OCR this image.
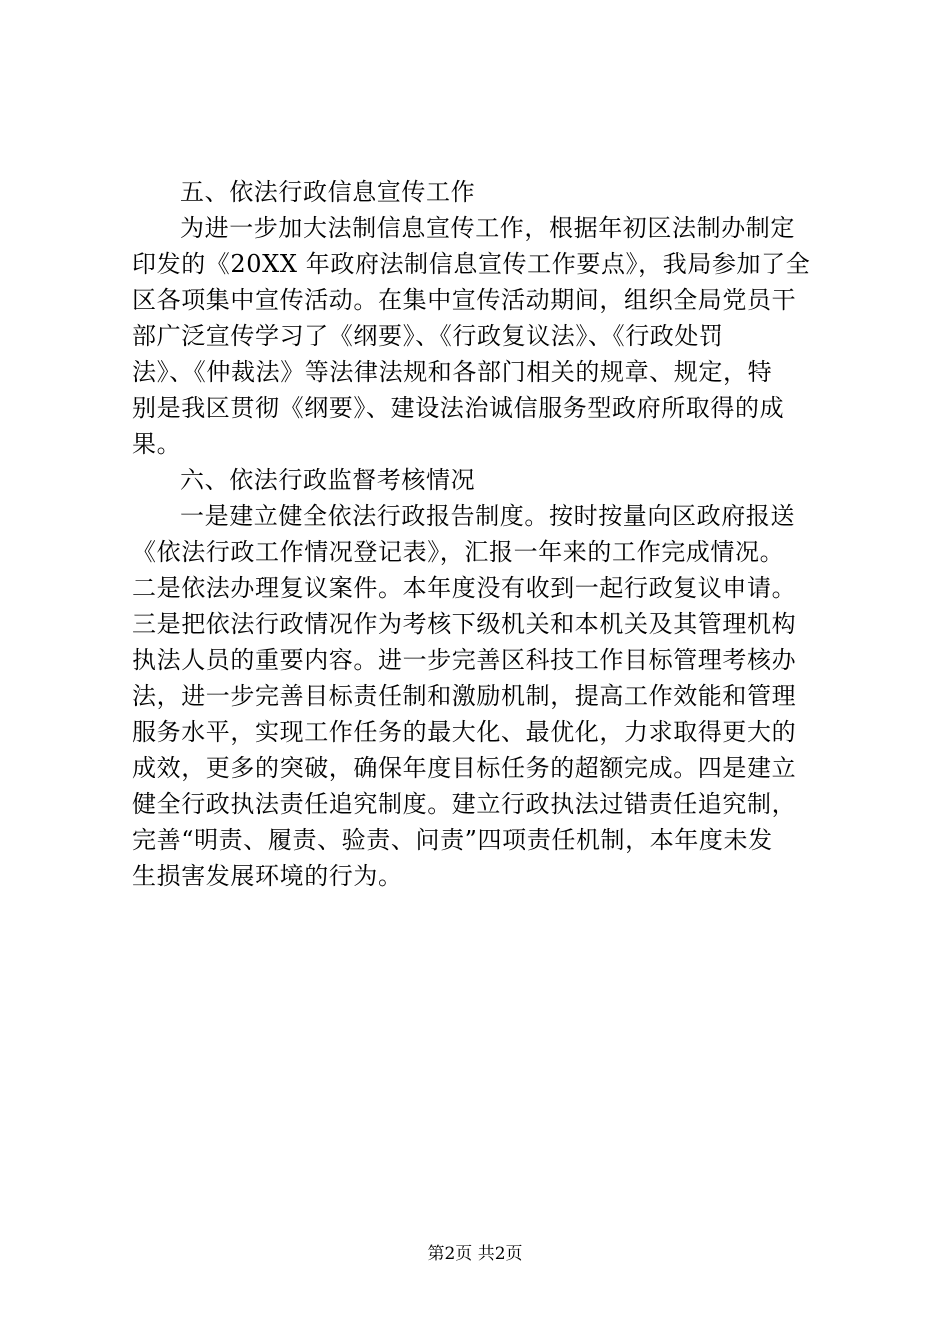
五、依法行政信息宣传工作
为进一步加大法制信息宣传工作，根据年初区法制办制定
印发的《20XX 年政府法制信息宣传工作要点》，我局参加了全
区各项集中宣传活动。在集中宣传活动期间，组织全局党员干
部广泛宣传学习了《纲要》、《行政复议法》、《行政处罚
法》、《仲裁法》等法律法规和各部门相关的规章、规定，特
别是我区贯彻《纲要》、建设法治诚信服务型政府所取得的成
果。
六、依法行政监督考核情况
一是建立健全依法行政报告制度。按时按量向区政府报送
《依法行政工作情况登记表》，汇报一年来的工作完成情况。
二是依法办理复议案件。本年度没有收到一起行政复议申请。
三是把依法行政情况作为考核下级机关和本机关及其管理机构
执法人员的重要内容。进一步完善区科技工作目标管理考核办
法，进一步完善目标责任制和激励机制，提高工作效能和管理
服务水平，实现工作任务的最大化、最优化，力求取得更大的
成效，更多的突破，确保年度目标任务的超额完成。四是建立
健全行政执法责任追究制度。建立行政执法过错责任追究制，
完善“明责、履责、验责、问责”四项责任机制，本年度未发
生损害发展环境的行为。
第2页 共2页
